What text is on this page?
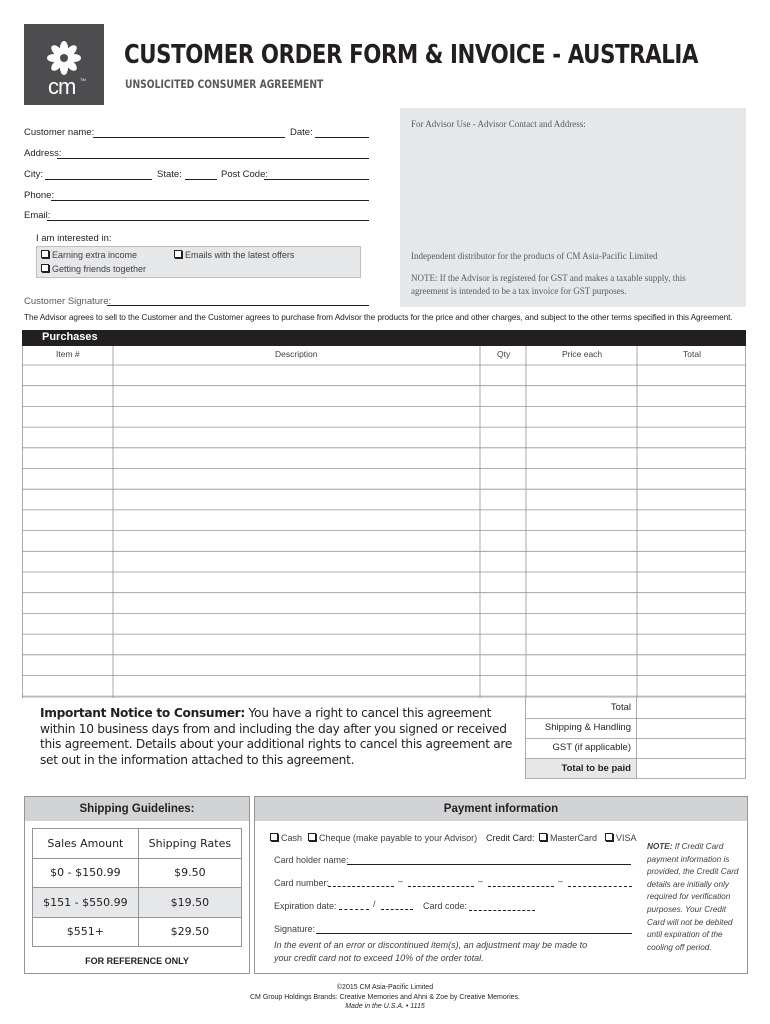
cm TM
CUSTOMER ORDER FORM & INVOICE - AUSTRALIA
UNSOLICITED CONSUMER AGREEMENT
Customer name:	Date:
Address:
City:	State:	Post Code:
Phone:
Email:
I am interested in:
Earning extra income	Emails with the latest offers
Getting friends together
Customer Signature:
For Advisor Use - Advisor Contact and Address:
Independent distributor for the products of CM Asia-Pacific Limited
NOTE: If the Advisor is registered for GST and makes a taxable supply, this
agreement is intended to be a tax invoice for GST purposes.
The Advisor agrees to sell to the Customer and the Customer agrees to purchase from Advisor the products for the price and other charges, and subject to the other terms specified in this Agreement.
Purchases
Item #	Description	Qty	Price each	Total
Total
Shipping & Handling
GST (if applicable)
Total to be paid
Important Notice to Consumer: You have a right to cancel this agreement within 10 business days from and including the day after you signed or received this agreement. Details about your additional rights to cancel this agreement are set out in the information attached to this agreement.
Shipping Guidelines:
Sales Amount	Shipping Rates
$0 - $150.99	$9.50
$151 - $550.99	$19.50
$551+	$29.50
FOR REFERENCE ONLY
Payment information
Cash	Cheque (make payable to your Advisor) Credit Card:	MasterCard	VISA
Card holder name:
Card number:	–	–	–
Expiration date:	/	Card code:
Signature:
In the event of an error or discontinued item(s), an adjustment may be made to
your credit card not to exceed 10% of the order total.
NOTE: If Credit Card payment information is provided, the Credit Card details are initially only required for verification purposes. Your Credit Card will not be debited until expiration of the cooling off period.
©2015 CM Asia-Pacific Limited
CM Group Holdings Brands: Creative Memories and Ahni & Zoe by Creative Memories.
Made in the U.S.A. • 1115
